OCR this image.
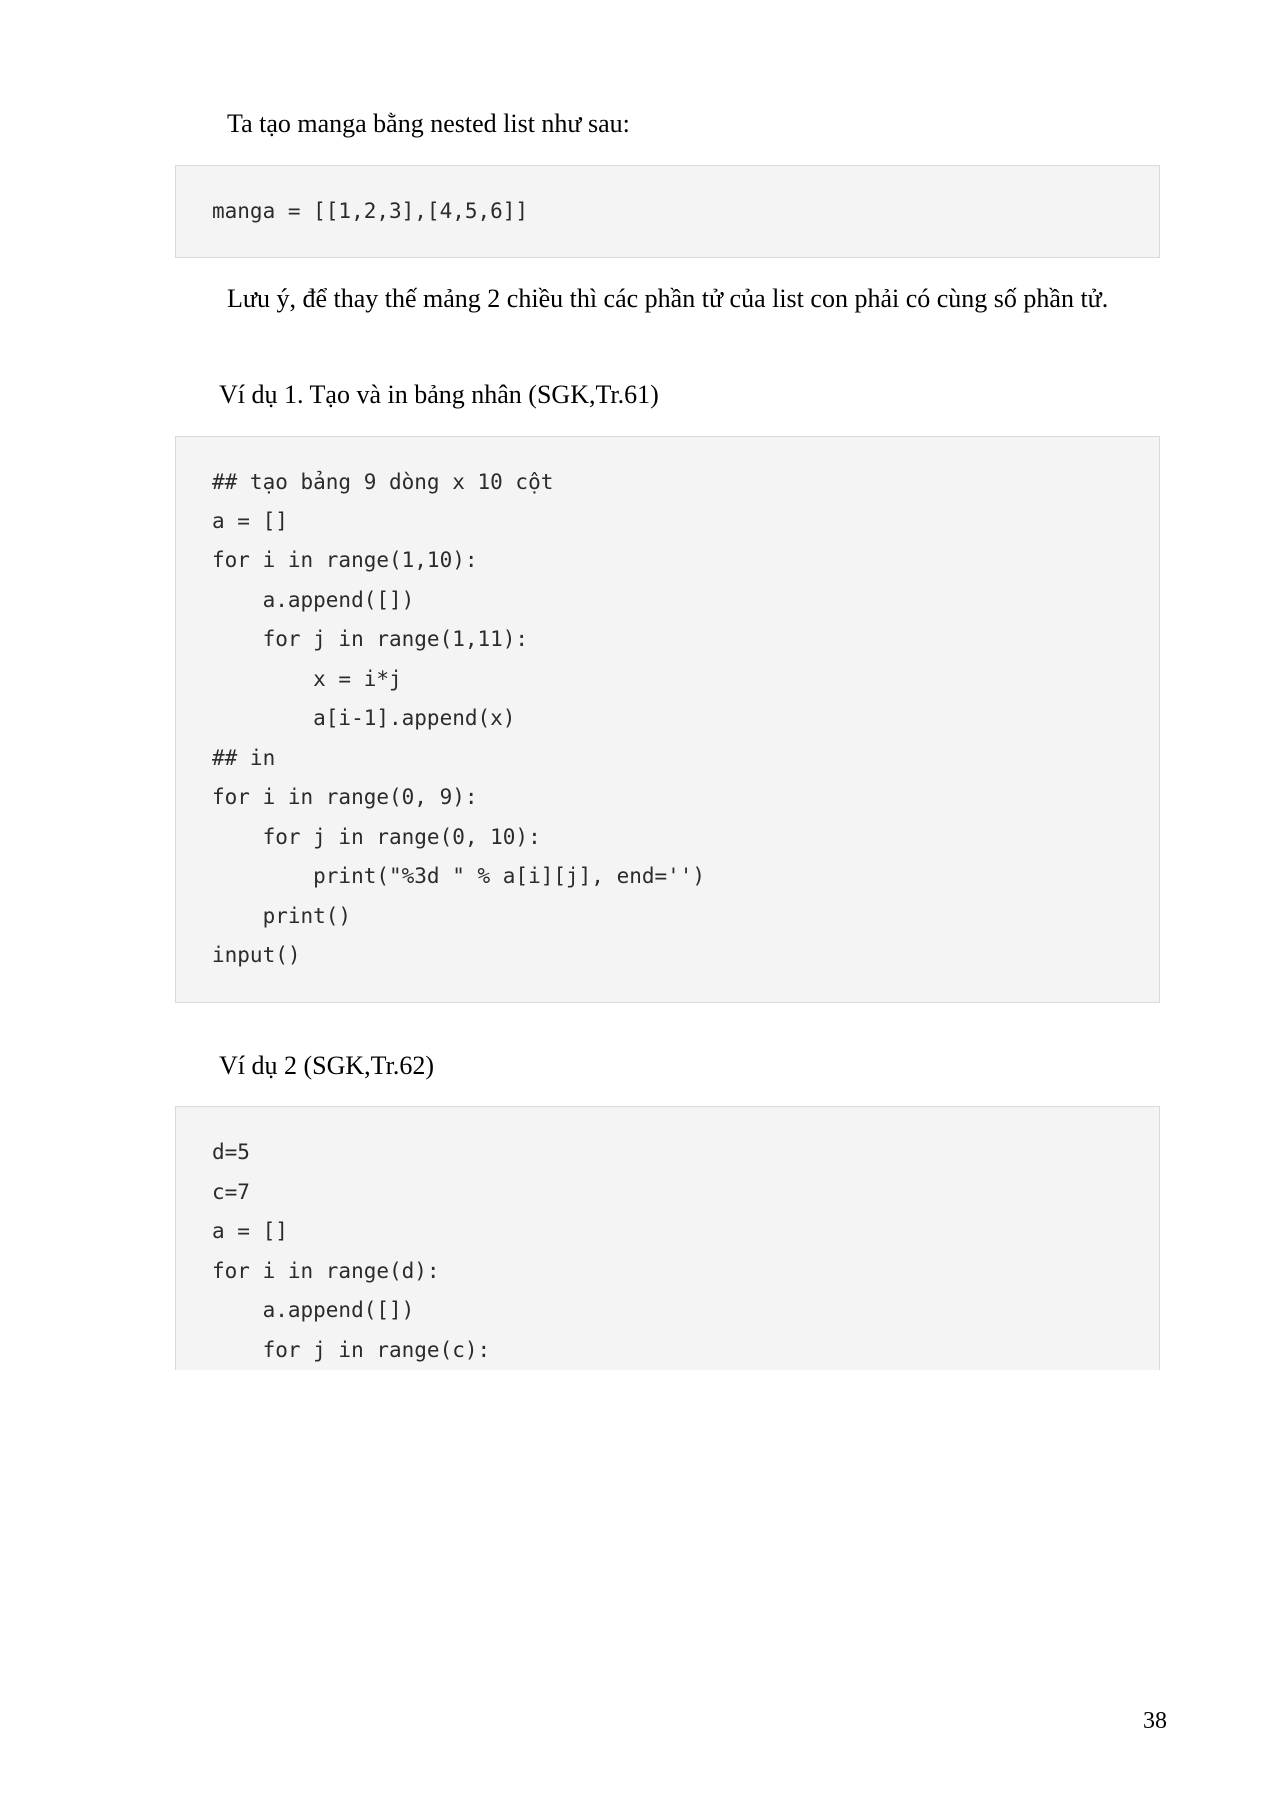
Ta tạo manga bằng nested list như sau:

manga = [[1,2,3],[4,5,6]]

Lưu ý, để thay thế mảng 2 chiều thì các phần tử của list con phải có cùng số phần tử.

Ví dụ 1. Tạo và in bảng nhân (SGK,Tr.61)

## tạo bảng 9 dòng x 10 cột
a = []
for i in range(1,10):
a.append([])
for j in range(1,11):
x = i*j
a[i-1].append(x)
## in
for i in range(0, 9):
for j in range(0, 10):
print("%3d " % a[i][j], end='')
print()
input()

Ví dụ 2 (SGK,Tr.62)

d=5
c=7
a = []
for i in range(d):
a.append([])
for j in range(c):
38
